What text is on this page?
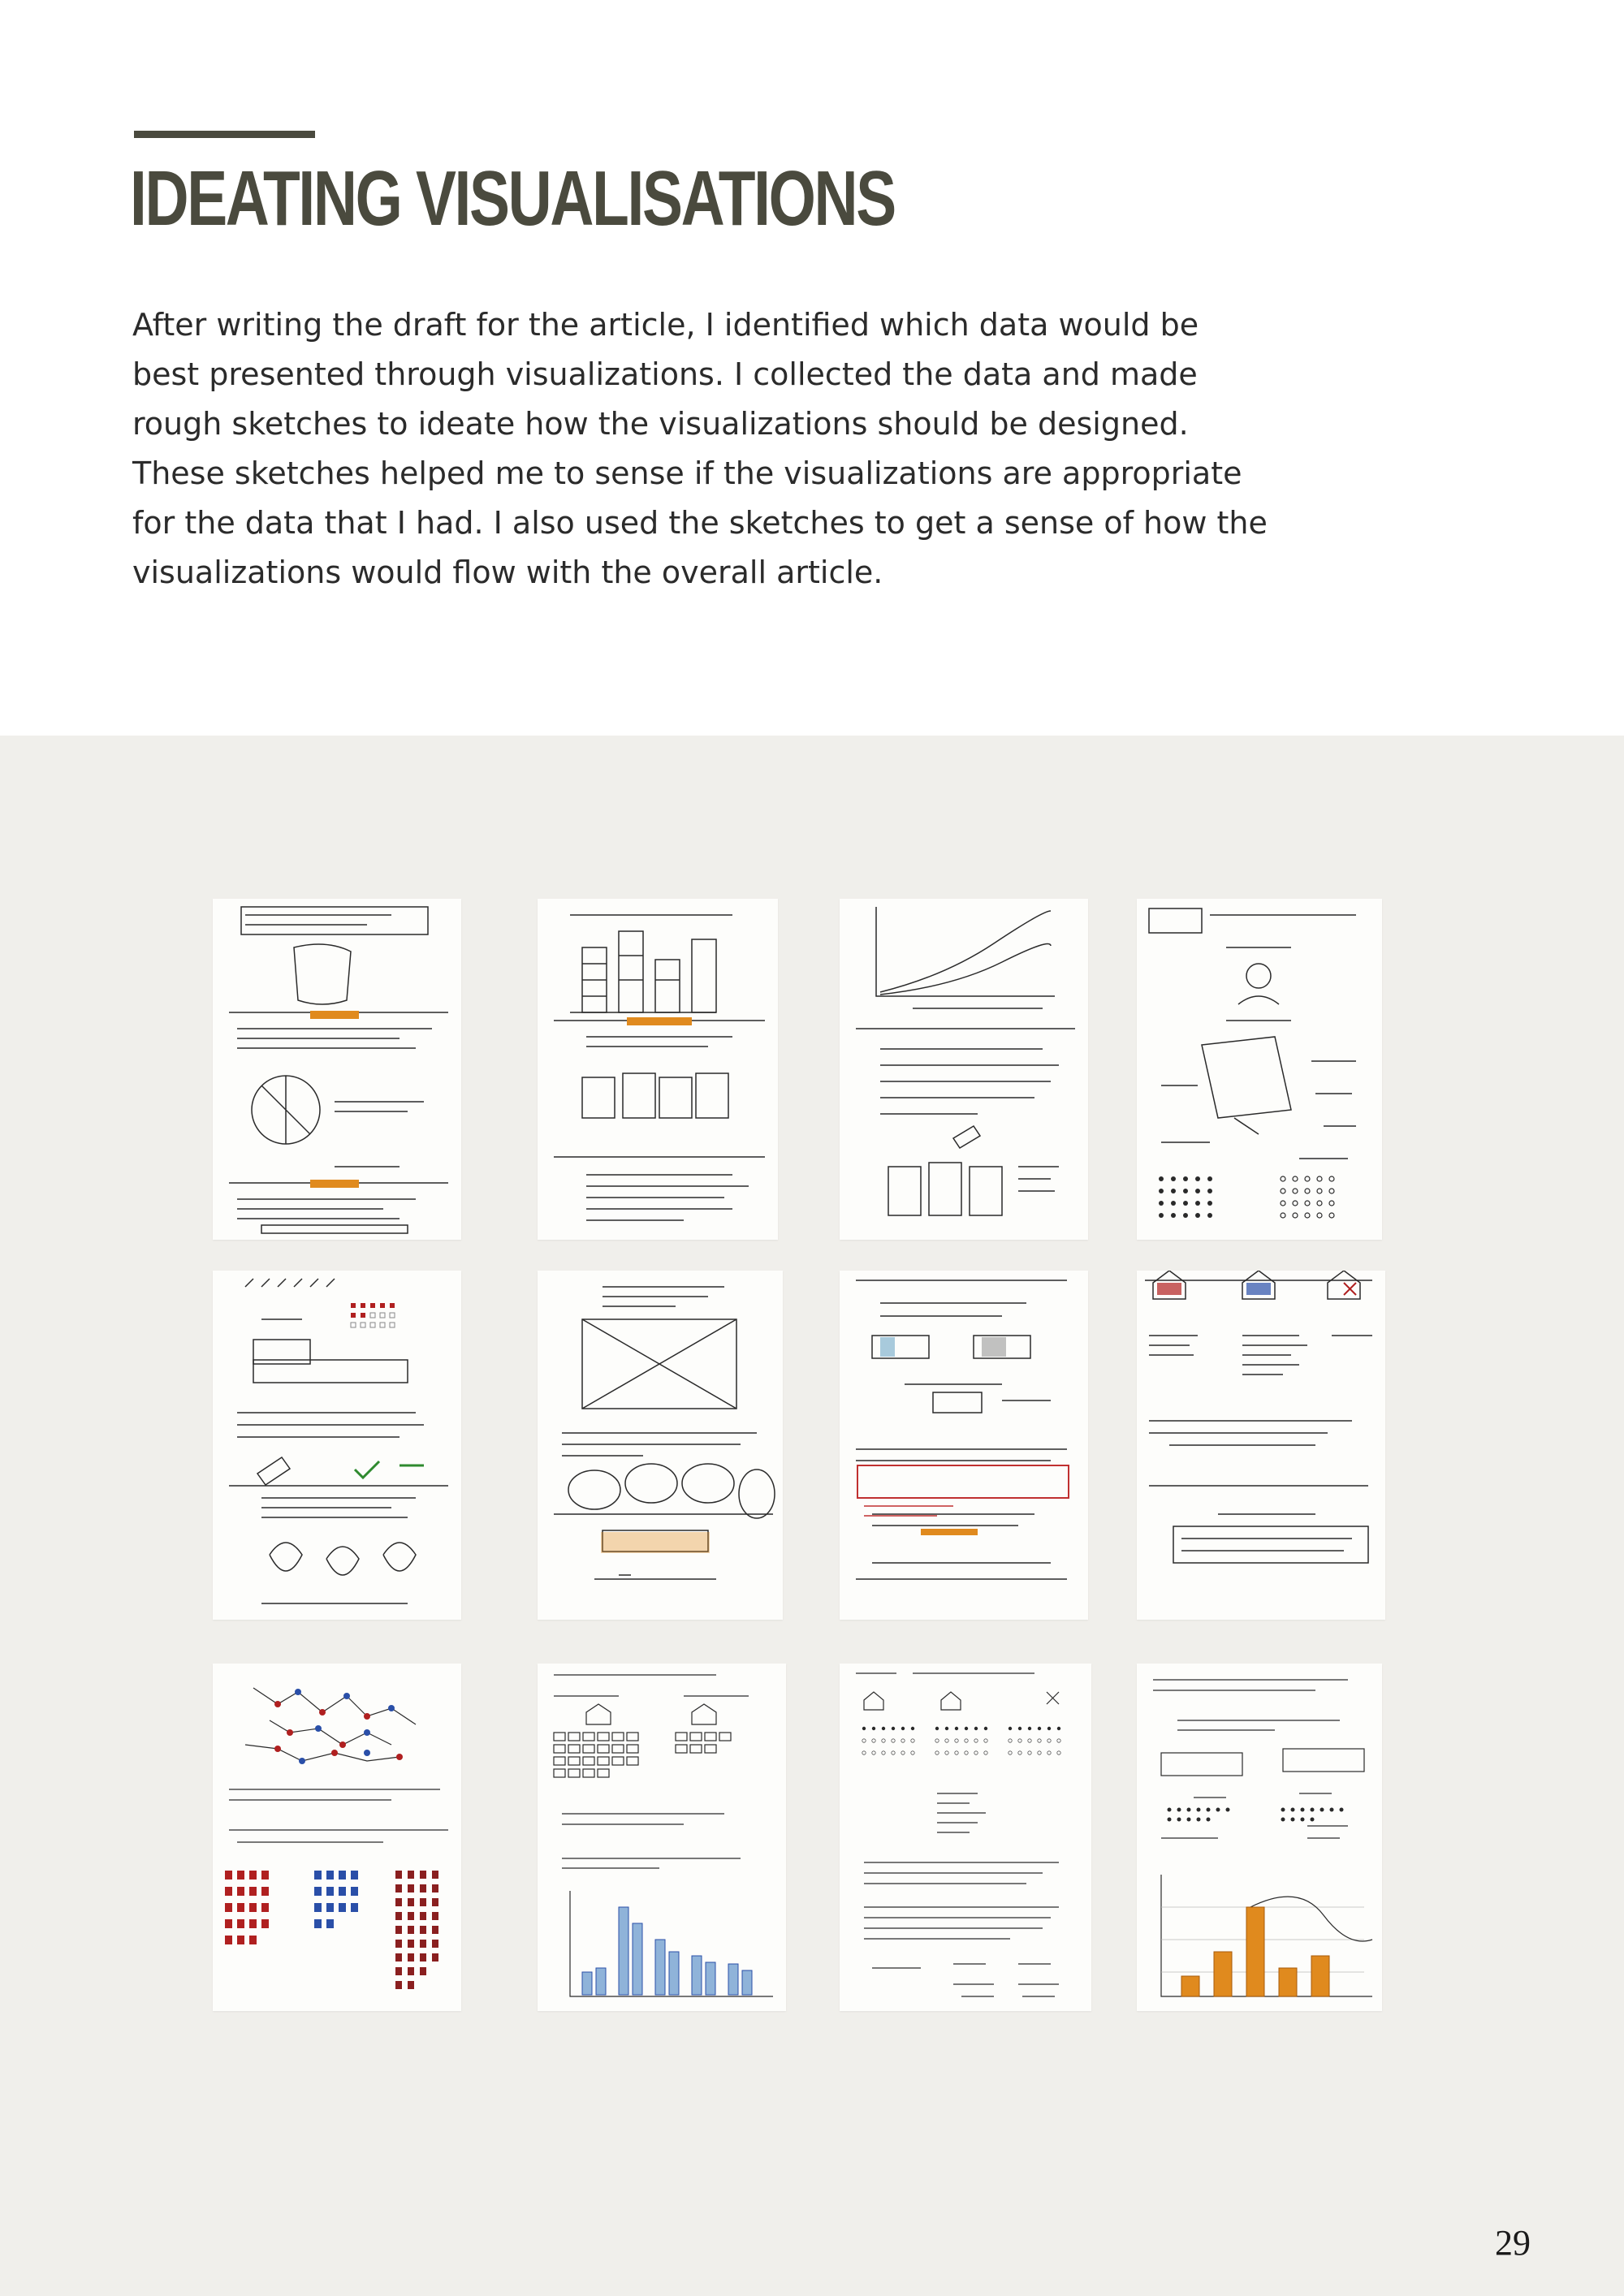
IDEATING VISUALISATIONS

After writing the draft for the article, I identified which data would be
best presented through visualizations. I collected the data and made
rough sketches to ideate how the visualizations should be designed.
These sketches helped me to sense if the visualizations are appropriate
for the data that I had. I also used the sketches to get a sense of how the
visualizations would flow with the overall article.

29
